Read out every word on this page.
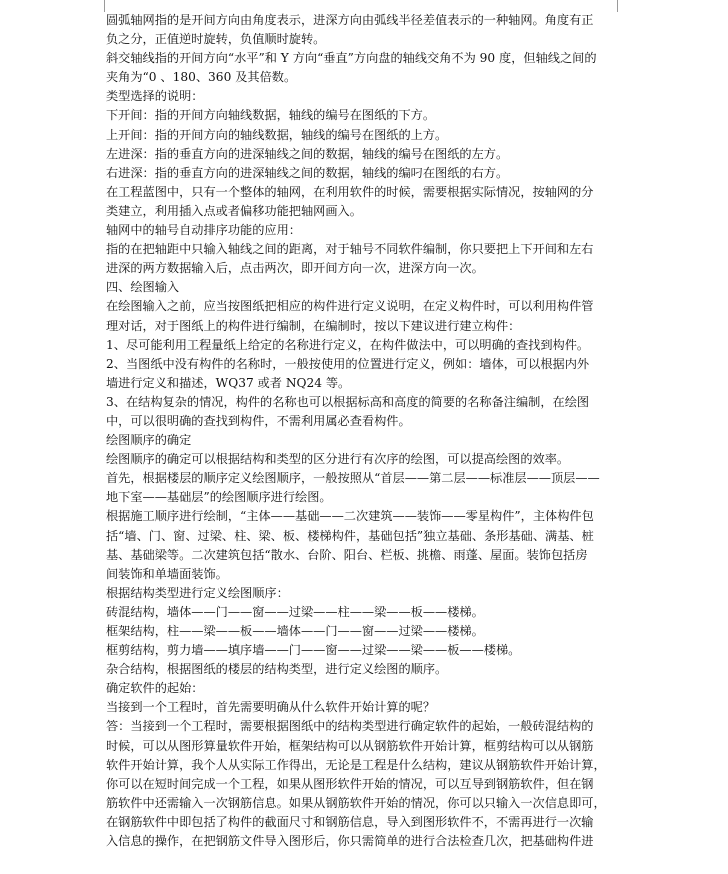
圆弧轴网指的是开间方向由角度表示，进深方向由弧线半径差值表示的一种轴网。角度有正
负之分，正值逆时旋转，负值顺时旋转。
斜交轴线指的开间方向“水平”和 Y 方向“垂直”方向盘的轴线交角不为 90 度，但轴线之间的
夹角为“0 、180、360 及其倍数。
类型选择的说明：
下开间：指的开间方向轴线数据，轴线的编号在图纸的下方。
上开间：指的开间方向的轴线数据，轴线的编号在图纸的上方。
左进深：指的垂直方向的进深轴线之间的数据，轴线的编号在图纸的左方。
右进深：指的垂直方向的进深轴线之间的数据，轴线的编叼在图纸的右方。
在工程蓝图中，只有一个整体的轴网，在利用软件的时候，需要根据实际情况，按轴网的分
类建立，利用插入点或者偏移功能把轴网画入。
轴网中的轴号自动排序功能的应用：
指的在把轴距中只输入轴线之间的距离，对于轴号不同软件编制，你只要把上下开间和左右
进深的两方数据输入后，点击两次，即开间方向一次，进深方向一次。
四、绘图输入
在绘图输入之前，应当按图纸把相应的构件进行定义说明，在定义构件时，可以利用构件管
理对话，对于图纸上的构件进行编制，在编制时，按以下建议进行建立构件：
1、尽可能利用工程量纸上给定的名称进行定义，在构件做法中，可以明确的查找到构件。
2、当图纸中没有构件的名称时，一般按使用的位置进行定义，例如：墙体，可以根据内外
墙进行定义和描述，WQ37 或者 NQ24 等。
3、在结构复杂的情况，构件的名称也可以根据标高和高度的简要的名称备注编制，在绘图
中，可以很明确的查找到构件，不需利用属必查看构件。
绘图顺序的确定
绘图顺序的确定可以根据结构和类型的区分进行有次序的绘图，可以提高绘图的效率。
首先，根据楼层的顺序定义绘图顺序，一般按照从“首层——第二层——标准层——顶层——
地下室——基础层”的绘图顺序进行绘图。
根据施工顺序进行绘制，“主体——基础——二次建筑——装饰——零星构件”，主体构件包
括“墙、门、窗、过梁、柱、梁、板、楼梯构件，基础包括”独立基础、条形基础、满基、桩
基、基础梁等。二次建筑包括“散水、台阶、阳台、栏板、挑檐、雨蓬、屋面。装饰包括房
间装饰和单墙面装饰。
根据结构类型进行定义绘图顺序：
砖混结构，墙体——门——窗——过梁——柱——梁——板——楼梯。
框架结构，柱——梁——板——墙体——门——窗——过梁——楼梯。
框剪结构，剪力墙——填序墙——门——窗——过梁——梁——板——楼梯。
杂合结构，根据图纸的楼层的结构类型，进行定义绘图的顺序。
确定软件的起始：
当接到一个工程时，首先需要明确从什么软件开始计算的呢？
答：当接到一个工程时，需要根据图纸中的结构类型进行确定软件的起始，一般砖混结构的
时候，可以从图形算量软件开始，框架结构可以从钢筋软件开始计算，框剪结构可以从钢筋
软件开始计算，我个人从实际工作得出，无论是工程是什么结构，建议从钢筋软件开始计算，
你可以在短时间完成一个工程，如果从图形软件开始的情况，可以互导到钢筋软件，但在钢
筋软件中还需输入一次钢筋信息。如果从钢筋软件开始的情况，你可以只输入一次信息即可，
在钢筋软件中即包括了构件的截面尺寸和钢筋信息，导入到图形软件不，不需再进行一次输
入信息的操作，在把钢筋文件导入图形后，你只需简单的进行合法检查几次，把基础构件进
